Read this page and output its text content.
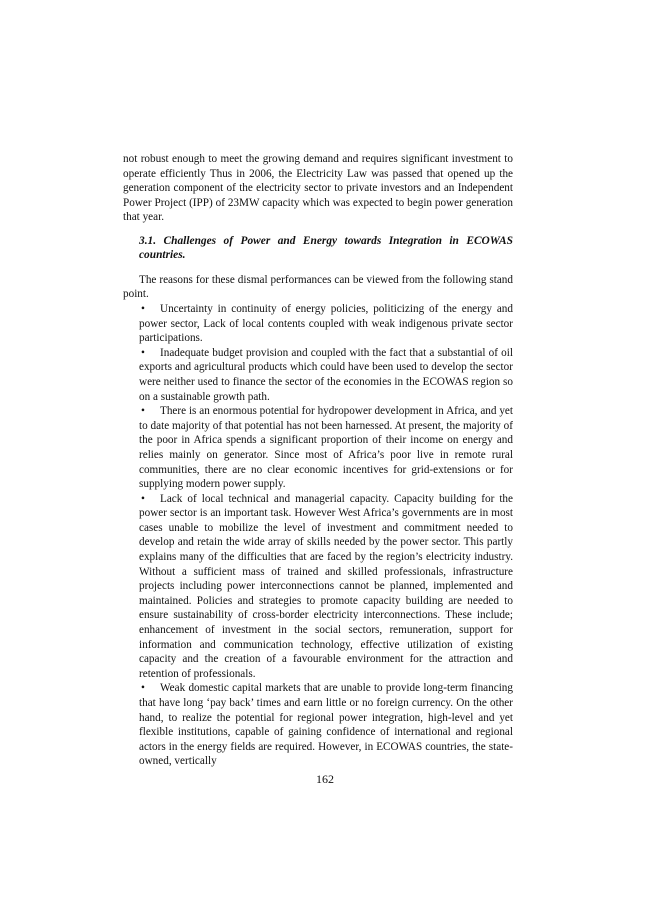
not robust enough to meet the growing demand and requires significant investment to operate efficiently Thus in 2006, the Electricity Law was passed that opened up the generation component of the electricity sector to private investors and an Independent Power Project (IPP) of 23MW capacity which was expected to begin power generation that year.

3.1. Challenges of Power and Energy towards Integration in ECOWAS countries.

The reasons for these dismal performances can be viewed from the following stand point.

• Uncertainty in continuity of energy policies, politicizing of the energy and power sector, Lack of local contents coupled with weak indigenous private sector participations.
• Inadequate budget provision and coupled with the fact that a substantial of oil exports and agricultural products which could have been used to develop the sector were neither used to finance the sector of the economies in the ECOWAS region so on a sustainable growth path.
• There is an enormous potential for hydropower development in Africa, and yet to date majority of that potential has not been harnessed. At present, the majority of the poor in Africa spends a significant proportion of their income on energy and relies mainly on generator. Since most of Africa’s poor live in remote rural communities, there are no clear economic incentives for grid-extensions or for supplying modern power supply.
• Lack of local technical and managerial capacity. Capacity building for the power sector is an important task. However West Africa’s governments are in most cases unable to mobilize the level of investment and commitment needed to develop and retain the wide array of skills needed by the power sector. This partly explains many of the difficulties that are faced by the region’s electricity industry. Without a sufficient mass of trained and skilled professionals, infrastructure projects including power interconnections cannot be planned, implemented and maintained. Policies and strategies to promote capacity building are needed to ensure sustainability of cross-border electricity interconnections. These include; enhancement of investment in the social sectors, remuneration, support for information and communication technology, effective utilization of existing capacity and the creation of a favourable environment for the attraction and retention of professionals.
• Weak domestic capital markets that are unable to provide long-term financing that have long ‘pay back’ times and earn little or no foreign currency. On the other hand, to realize the potential for regional power integration, high-level and yet flexible institutions, capable of gaining confidence of international and regional actors in the energy fields are required. However, in ECOWAS countries, the state-owned, vertically
162
